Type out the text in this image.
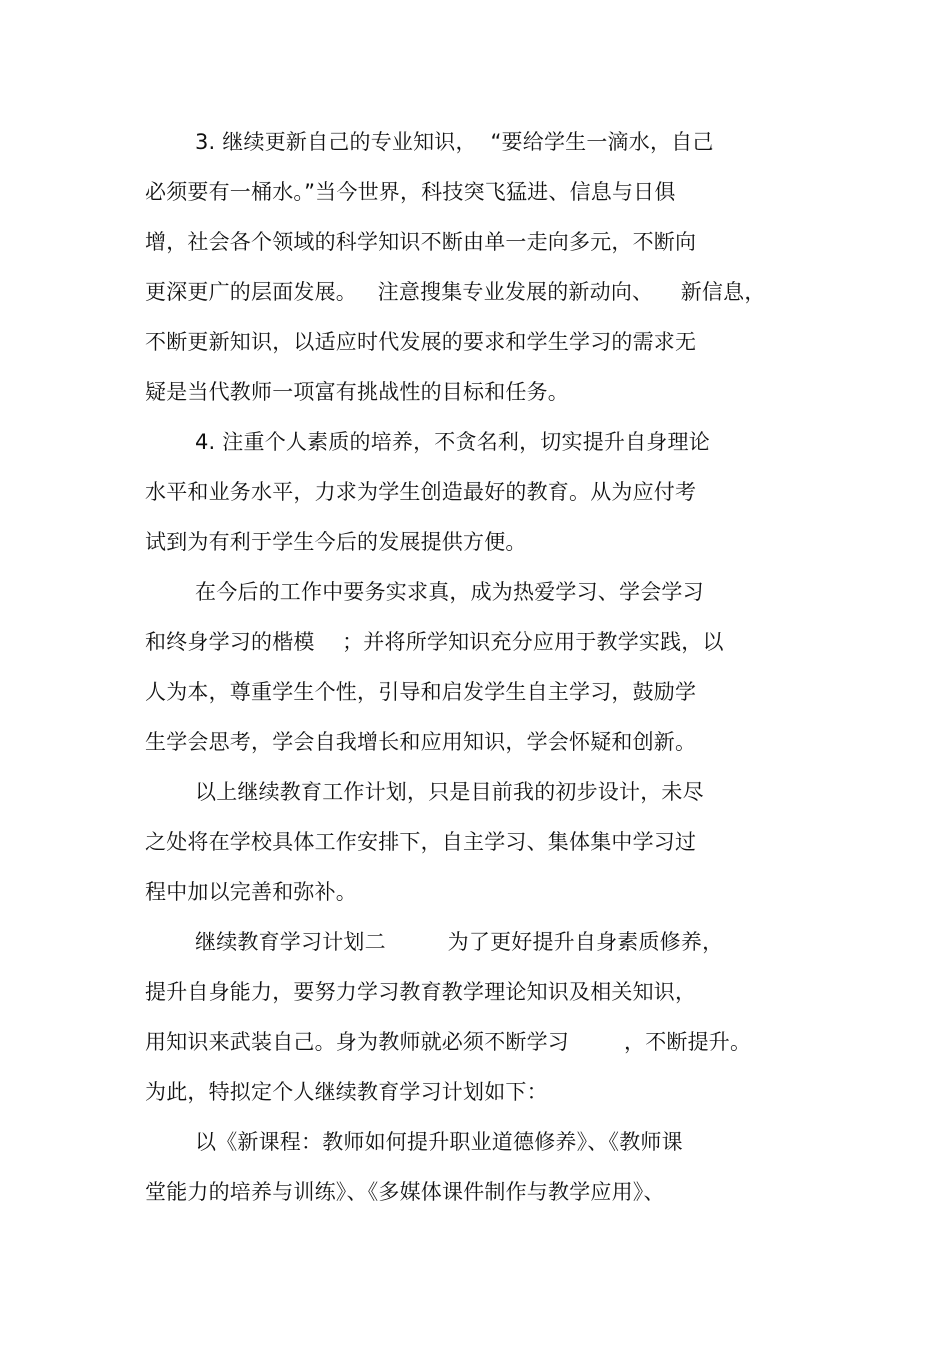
3. 继续更新自己的专业知识，  “要给学生一滴水，自己
必须要有一桶水。”当今世界，科技突飞猛进、信息与日俱
增，社会各个领域的科学知识不断由单一走向多元，不断向
更深更广的层面发展。   注意搜集专业发展的新动向、    新信息，
不断更新知识，以适应时代发展的要求和学生学习的需求无
疑是当代教师一项富有挑战性的目标和任务。
4. 注重个人素质的培养，不贪名利，切实提升自身理论
水平和业务水平，力求为学生创造最好的教育。从为应付考
试到为有利于学生今后的发展提供方便。
在今后的工作中要务实求真，成为热爱学习、学会学习
和终身学习的楷模    ；并将所学知识充分应用于教学实践，以
人为本，尊重学生个性，引导和启发学生自主学习，鼓励学
生学会思考，学会自我增长和应用知识，学会怀疑和创新。
以上继续教育工作计划，只是目前我的初步设计，未尽
之处将在学校具体工作安排下，自主学习、集体集中学习过
程中加以完善和弥补。
继续教育学习计划二         为了更好提升自身素质修养，
提升自身能力，要努力学习教育教学理论知识及相关知识，
用知识来武装自己。身为教师就必须不断学习        ，不断提升。
为此，特拟定个人继续教育学习计划如下：
以《新课程：教师如何提升职业道德修养》、《教师课
堂能力的培养与训练》、《多媒体课件制作与教学应用》、
